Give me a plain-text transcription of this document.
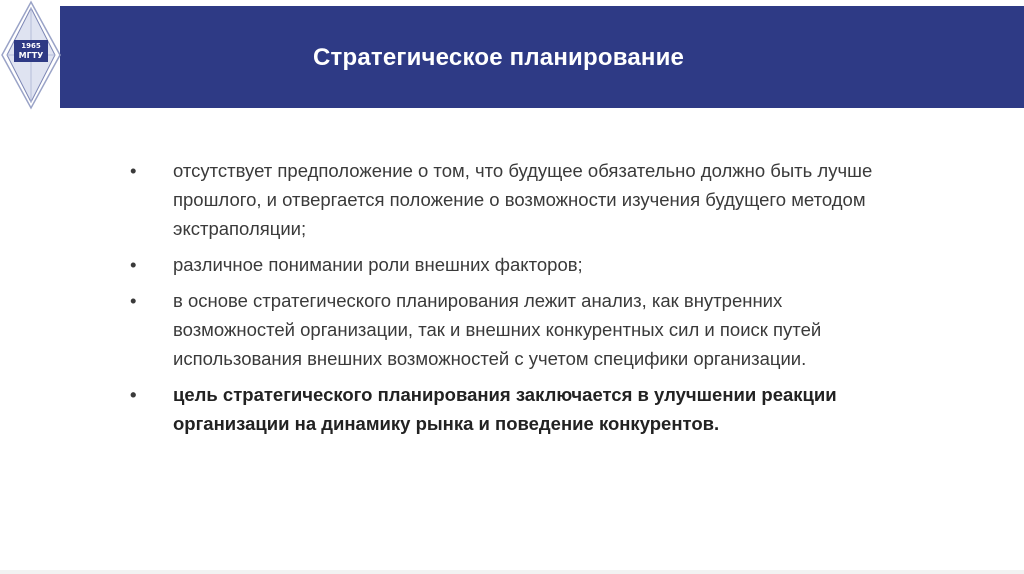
1965
МГТУ	Стратегическое планирование
•	отсутствует предположение о том, что будущее обязательно должно быть лучше прошлого, и отвергается положение о возможности изучения будущего методом экстраполяции;
•	различное понимании роли внешних факторов;
•	в основе стратегического планирования лежит анализ, как внутренних возможностей организации, так и внешних конкурентных сил и поиск путей использования внешних возможностей с учетом специфики организации.
•	цель стратегического планирования заключается в улучшении реакции организации на динамику рынка и поведение конкурентов.
